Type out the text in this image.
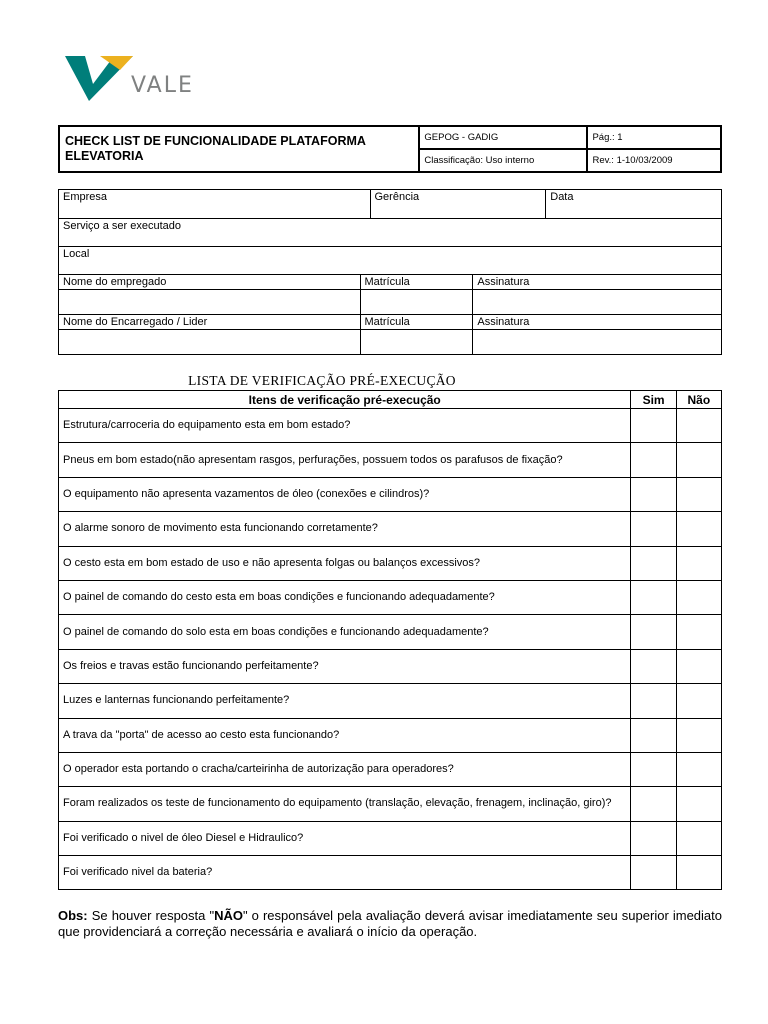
VALE
CHECK LIST DE FUNCIONALIDADE PLATAFORMA ELEVATORIA	GEPOG - GADIG	Pág.: 1
	Classificação: Uso interno	Rev.: 1-10/03/2009
Empresa		Gerência		Data
Serviço a ser executado				
Local				
Nome do empregado	Matrícula		Assinatura	

Nome do Encarregado / Lider	Matrícula		Assinatura	

LISTA DE VERIFICAÇÃO PRÉ-EXECUÇÃO
Itens de verificação pré-execução	Sim	Não
Estrutura/carroceria do equipamento esta em bom estado?		
Pneus em bom estado(não apresentam rasgos, perfurações, possuem todos os parafusos de fixação?		
O equipamento não apresenta vazamentos de óleo (conexões e cilindros)?		
O alarme sonoro de movimento esta funcionando corretamente?		
O cesto esta em bom estado de uso e não apresenta folgas ou balanços excessivos?		
O painel de comando do cesto esta em boas condições e funcionando adequadamente?		
O painel de comando do solo esta em boas condições e funcionando adequadamente?		
Os freios e travas estão funcionando perfeitamente?		
Luzes e lanternas funcionando perfeitamente?		
A trava da "porta" de acesso ao cesto esta funcionando?		
O operador esta portando o cracha/carteirinha de autorização para operadores?		
Foram realizados os teste de funcionamento do equipamento (translação, elevação, frenagem, inclinação, giro)?		
Foi verificado o nivel de óleo Diesel e Hidraulico?		
Foi verificado nivel da bateria?		
Obs: Se houver resposta "NÃO" o responsável pela avaliação deverá avisar imediatamente seu superior imediato que providenciará a correção necessária e avaliará o início da operação.
